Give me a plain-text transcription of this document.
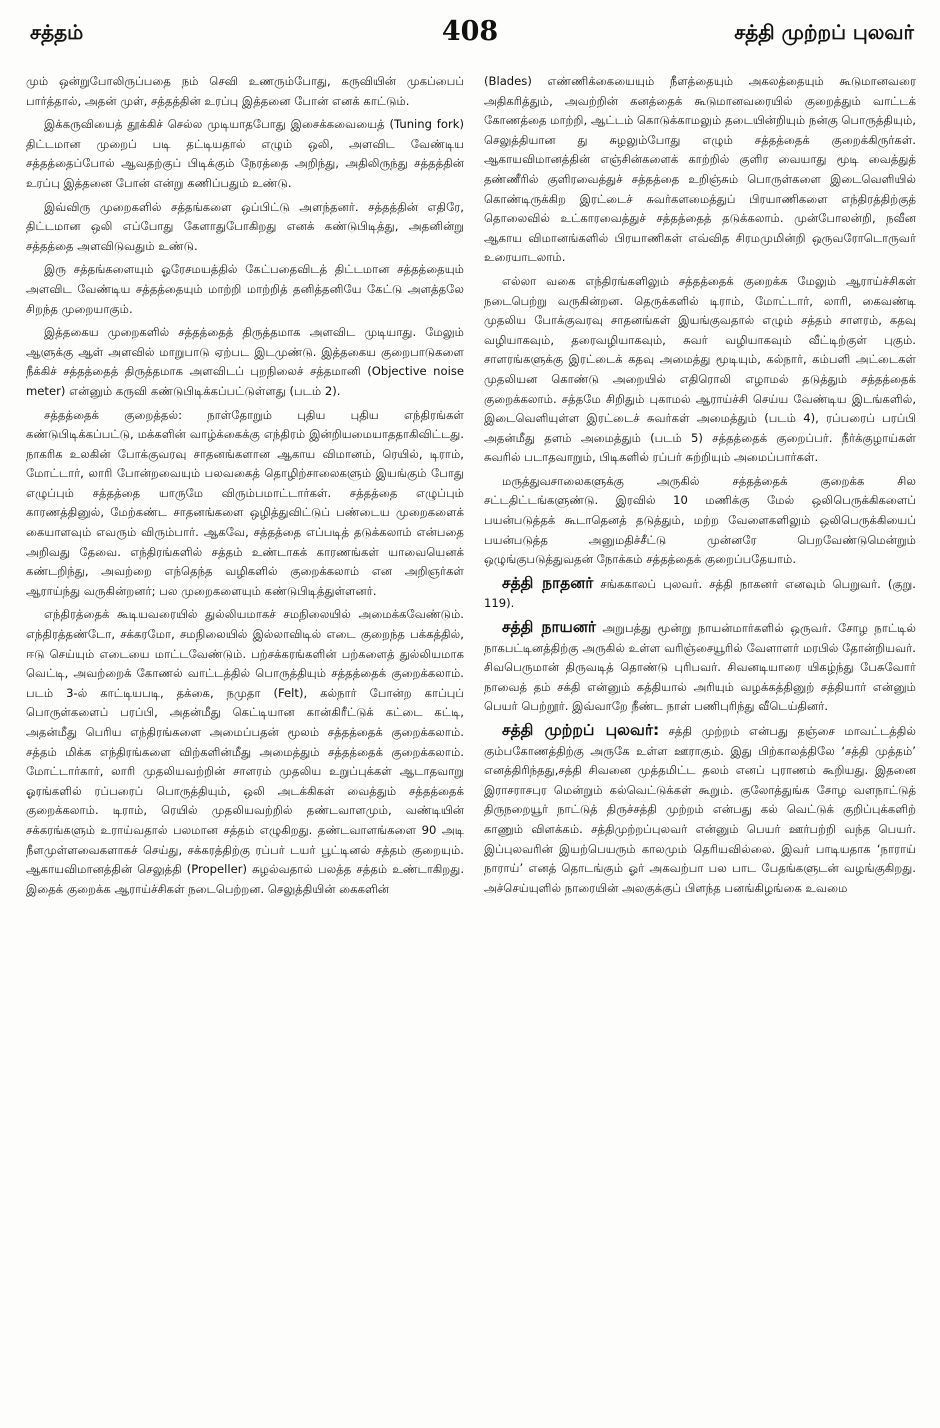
சத்தம்	408	சத்தி முற்றப் புலவர்

மும் ஒன்றுபோலிருப்பதை நம் செவி உணரும்போது, கருவியின் முகப்பைப் பார்த்தால், அதன் முள், சத்தத்தின் உரப்பு இத்தனை போன் எனக் காட்டும்.

இக்கருவியைத் தூக்கிச் செல்ல முடியாதபோது இசைக்கவையைத் (Tuning fork) திட்டமான முறைப் படி தட்டியதால் எழும் ஒலி, அளவிட வேண்டிய சத்தத்தைப்போல் ஆவதற்குப் பிடிக்கும் நேரத்தை அறிந்து, அதிலிருந்து சத்தத்தின் உரப்பு இத்தனை போன் என்று கணிப்பதும் உண்டு.

இவ்விரு முறைகளில் சத்தங்களை ஒப்பிட்டு அளந்தனர். சத்தத்தின் எதிரே, திட்டமான ஒலி எப்போது கேளாதுபோகிறது எனக் கண்டுபிடித்து, அதனின்று சத்தத்தை அளவிடுவதும் உண்டு.

இரு சத்தங்களையும் ஓரேசமயத்தில் கேட்பதைவிடத் திட்டமான சத்தத்தையும் அளவிட வேண்டிய சத்தத்தையும் மாற்றி மாற்றித் தனித்தனியே கேட்டு அளத்தலே சிறந்த முறையாகும்.

இத்தகைய முறைகளில் சத்தத்தைத் திருத்தமாக அளவிட முடியாது. மேலும் ஆளுக்கு ஆள் அளவில் மாறுபாடு ஏற்பட இடமுண்டு. இத்தகைய குறைபாடுகளை நீக்கிச் சத்தத்தைத் திருத்தமாக அளவிடப் புறநிலைச் சத்தமானி (Objective noise meter) என்னும் கருவி கண்டுபிடிக்கப்பட்டுள்ளது (படம் 2).

சத்தத்தைக் குறைத்தல்: நாள்தோறும் புதிய புதிய எந்திரங்கள் கண்டுபிடிக்கப்பட்டு, மக்களின் வாழ்க்கைக்கு எந்திரம் இன்றியமையாததாகிவிட்டது. நாகரிக உலகின் போக்குவரவு சாதனங்களான ஆகாய விமானம், ரெயில், டிராம், மோட்டார், லாரி போன்றவையும் பலவகைத் தொழிற்சாலைகளும் இயங்கும் போது எழுப்பும் சத்தத்தை யாருமே விரும்பமாட்டார்கள். சத்தத்தை எழுப்பும் காரணத்தினுல், மேற்கண்ட சாதனங்களை ஒழித்துவிட்டுப் பண்டைய முறைகளைக் கையாளவும் எவரும் விரும்பார். ஆகவே, சத்தத்தை எப்படித் தடுக்கலாம் என்பதை அறிவது தேவை. எந்திரங்களில் சத்தம் உண்டாகக் காரணங்கள் யாவையெனக் கண்டறிந்து, அவற்றை எந்தெந்த வழிகளில் குறைக்கலாம் என அறிஞர்கள் ஆராய்ந்து வருகின்றனர்; பல முறைகளையும் கண்டுபிடித்துள்ளனர்.

எந்திரத்தைக் கூடியவரையில் துல்லியமாகச் சமநிலையில் அமைக்கவேண்டும். எந்திரத்தண்டோ, சக்கரமோ, சமநிலையில் இல்லாவிடில் எடை குறைந்த பக்கத்தில், ஈடு செய்யும் எடையை மாட்டவேண்டும். பற்சக்கரங்களின் பற்களைத் துல்லியமாக வெட்டி, அவற்றைக் கோணல் வாட்டத்தில் பொருத்தியும் சத்தத்தைக் குறைக்கலாம். படம் 3-ல் காட்டியபடி, தக்கை, நமுதா (Felt), கல்நார் போன்ற காப்புப் பொருள்களைப் பரப்பி, அதன்மீது கெட்டியான கான்கிரீட்டுக் கட்டை கட்டி, அதன்மீது பெரிய எந்திரங்களை அமைப்பதன் மூலம் சத்தத்தைக் குறைக்கலாம். சத்தம் மிக்க எந்திரங்களை விற்களின்மீது அமைத்தும் சத்தத்தைக் குறைக்கலாம். மோட்டார்கார், லாரி முதலியவற்றின் சாளரம் முதலிய உறுப்புக்கள் ஆடாதவாறு ஓரங்களில் ரப்பரைப் பொருத்தியும், ஒலி அடக்கிகள் வைத்தும் சத்தத்தைக் குறைக்கலாம். டிராம், ரெயில் முதலியவற்றில் தண்டவாளமும், வண்டியின் சக்கரங்களும் உராய்வதால் பலமான சத்தம் எழுகிறது. தண்டவாளங்களை 90 அடி நீளமுள்ளவைகளாகச் செய்து, சக்கரத்திற்கு ரப்பர் டயர் பூட்டினல் சத்தம் குறையும். ஆகாயவிமானத்தின் செலுத்தி (Propeller) சுழல்வதால் பலத்த சத்தம் உண்டாகிறது. இதைக் குறைக்க ஆராய்ச்சிகள் நடைபெற்றன. செலுத்தியின் கைகளின்

(Blades) எண்ணிக்கையையும் நீளத்தையும் அகலத்தையும் கூடுமானவரை அதிகரித்தும், அவற்றின் கனத்தைக் கூடுமானவரையில் குறைத்தும் வாட்டக் கோணத்தை மாற்றி, ஆட்டம் கொடுக்காமலும் தடையின்றியும் நன்கு பொருத்தியும், செலுத்தியான து சுழலும்போது எழும் சத்தத்தைக் குறைக்கிருர்கள். ஆகாயவிமானத்தின் எஞ்சின்களைக் காற்றில் குளிர வையாது மூடி வைத்துத் தண்ணீரில் குளிரவைத்துச் சத்தத்தை உறிஞ்சும் பொருள்களை இடைவெளியில் கொண்டிருக்கிற இரட்டைச் சுவர்களமைத்துப் பிரயாணிகளை எந்திரத்திற்குத் தொலைவில் உட்காரவைத்துச் சத்தத்தைத் தடுக்கலாம். முன்போலன்றி, நவீன ஆகாய விமானங்களில் பிரயாணிகள் எவ்வித சிரமமுமின்றி ஒருவரோடொருவர் உரையாடலாம்.

எல்லா வகை எந்திரங்களிலும் சத்தத்தைக் குறைக்க மேலும் ஆராய்ச்சிகள் நடைபெற்று வருகின்றன. தெருக்களில் டிராம், மோட்டார், லாரி, கைவண்டி முதலிய போக்குவரவு சாதனங்கள் இயங்குவதால் எழும் சத்தம் சாளரம், கதவு வழியாகவும், தரைவழியாகவும், சுவர் வழியாகவும் வீட்டிற்குள் புகும். சாளரங்களுக்கு இரட்டைக் கதவு அமைத்து மூடியும், கல்நார், கம்பளி அட்டைகள் முதலியன கொண்டு அறையில் எதிரொலி எழாமல் தடுத்தும் சத்தத்தைக் குறைக்கலாம். சத்தமே சிறிதும் புகாமல் ஆராய்ச்சி செய்ய வேண்டிய இடங்களில், இடைவெளியுள்ள இரட்டைச் சுவர்கள் அமைத்தும் (படம் 4), ரப்பரைப் பரப்பி அதன்மீது தளம் அமைத்தும் (படம் 5) சத்தத்தைக் குறைப்பர். நீர்க்குழாய்கள் சுவரில் படாதவாறும், பிடிகளில் ரப்பர் சுற்றியும் அமைப்பார்கள்.

மருத்துவசாலைகளுக்கு அருகில் சத்தத்தைக் குறைக்க சில சட்டதிட்டங்களுண்டு. இரவில் 10 மணிக்கு மேல் ஒலிபெருக்கிகளைப் பயன்படுத்தக் கூடாதெனத் தடுத்தும், மற்ற வேளைகளிலும் ஒலிபெருக்கியைப் பயன்படுத்த அனுமதிச்சீட்டு முன்னரே பெறவேண்டுமென்றும் ஒழுங்குபடுத்துவதன் நோக்கம் சத்தத்தைக் குறைப்பதேயாம்.

சத்தி நாதனர் சங்ககாலப் புலவர். சத்தி நாகனர் எனவும் பெறுவர். (குறு. 119).

சத்தி நாயனர் அறுபத்து மூன்று நாயன்மார்களில் ஒருவர். சோழ நாட்டில் நாகபட்டினத்திற்கு அருகில் உள்ள வரிஞ்சையூரில் வேளாளர் மரபில் தோன்றியவர். சிவபெருமான் திருவடித் தொண்டு புரிபவர். சிவனடியாரை யிகழ்ந்து பேசுவோர் நாவைத் தம் சக்தி என்னும் கத்தியால் அரியும் வழக்கத்தினுற் சத்தியார் என்னும் பெயர் பெற்றூர். இவ்வாறே நீண்ட நாள் பணிபுரிந்து வீடெய்தினர்.

சத்தி முற்றப் புலவர்: சத்தி முற்றம் என்பது தஞ்சை மாவட்டத்தில் கும்பகோணத்திற்கு அருகே உள்ள ஊராகும். இது பிற்காலத்திலே ‘சத்தி முத்தம்’ எனத்திரிந்தது,சத்தி சிவனை முத்தமிட்ட தலம் எனப் புராணம் கூறியது. இதனை இராசராசபுர மென்றும் கல்வெட்டுக்கள் கூறும். குலோத்துங்க சோழ வளநாட்டுத் திருநறையூர் நாட்டுத் திருச்சத்தி முற்றம் என்பது கல் வெட்டுக் குறிப்புக்களிற் காணும் விளக்கம். சத்திமுற்றப்புலவர் என்னும் பெயர் ஊர்பற்றி வந்த பெயர். இப்புலவரின் இயற்பெயரும் காலமும் தெரியவில்லை. இவர் பாடியதாக ‘நாராய் நாராய்’ எனத் தொடங்கும் ஓர் அகவற்பா பல பாட பேதங்களுடன் வழங்குகிறது. அச்செய்யுளில் நாரையின் அலகுக்குப் பிளந்த பனங்கிழங்கை உவமை
